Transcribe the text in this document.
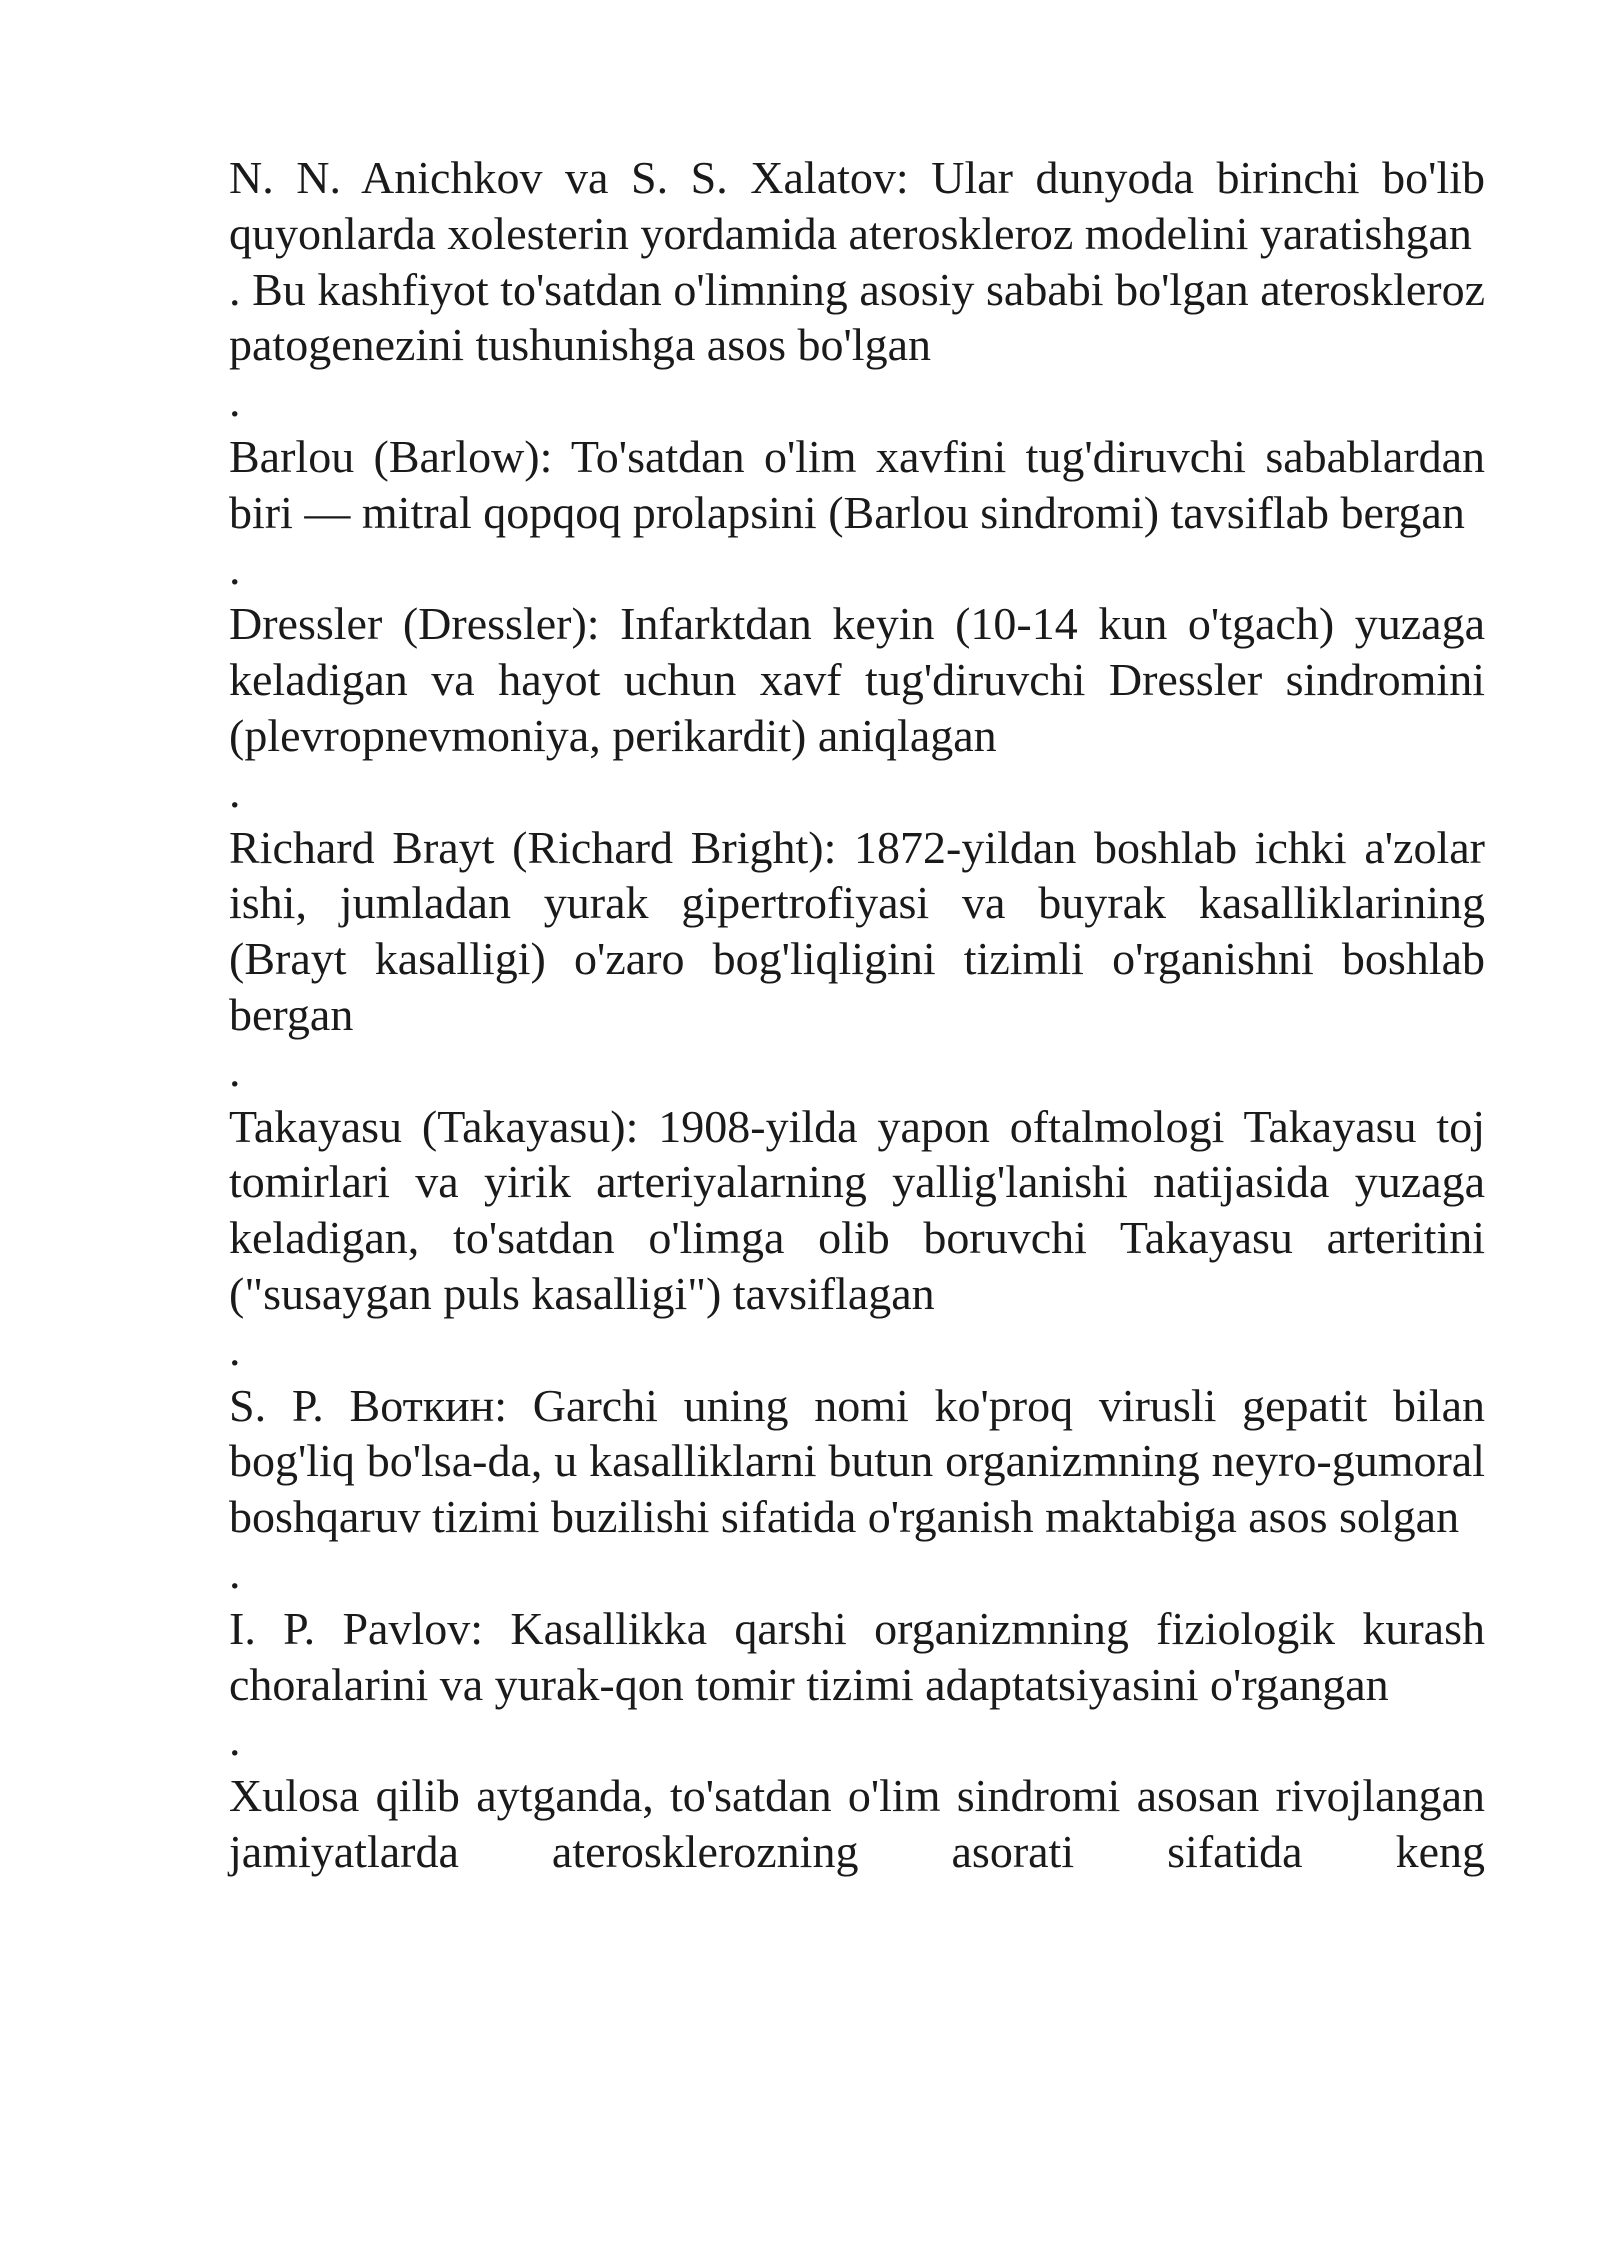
N. N. Anichkov va S. S. Xalatov: Ular dunyoda birinchi bo'lib quyonlarda xolesterin yordamida ateroskleroz modelini yaratishgan

. Bu kashfiyot to'satdan o'limning asosiy sababi bo'lgan ateroskleroz patogenezini tushunishga asos bo'lgan

.

Barlou (Barlow): To'satdan o'lim xavfini tug'diruvchi sabablardan biri — mitral qopqoq prolapsini (Barlou sindromi) tavsiflab bergan

.

Dressler (Dressler): Infarktdan keyin (10-14 kun o'tgach) yuzaga keladigan va hayot uchun xavf tug'diruvchi Dressler sindromini (plevropnevmoniya, perikardit) aniqlagan

.

Richard Brayt (Richard Bright): 1872-yildan boshlab ichki a'zolar ishi, jumladan yurak gipertrofiyasi va buyrak kasalliklarining (Brayt kasalligi) o'zaro bog'liqligini tizimli o'rganishni boshlab bergan

.

Takayasu (Takayasu): 1908-yilda yapon oftalmologi Takayasu toj tomirlari va yirik arteriyalarning yallig'lanishi natijasida yuzaga keladigan, to'satdan o'limga olib boruvchi Takayasu arteritini ("susaygan puls kasalligi") tavsiflagan

.

S. P. Воткин: Garchi uning nomi ko'proq virusli gepatit bilan bog'liq bo'lsa-da, u kasalliklarni butun organizmning neyro-gumoral boshqaruv tizimi buzilishi sifatida o'rganish maktabiga asos solgan

.

I. P. Pavlov: Kasallikka qarshi organizmning fiziologik kurash choralarini va yurak-qon tomir tizimi adaptatsiyasini o'rgangan

.

Xulosa qilib aytganda, to'satdan o'lim sindromi asosan rivojlangan jamiyatlarda aterosklerozning asorati sifatida keng
